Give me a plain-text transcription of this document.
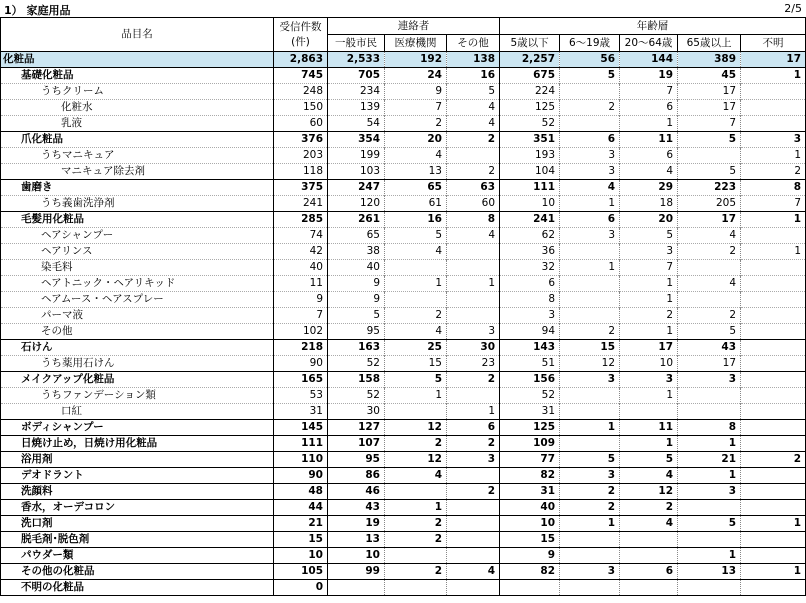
1） 家庭用品	2/5
品目名	受信件数
(件)	連絡者			年齢層				
		一般市民	医療機関	その他	5歳以下	6～19歳	20～64歳	65歳以上	不明
化粧品	2,863	2,533	192	138	2,257	56	144	389	17
基礎化粧品	745	705	24	16	675	5	19	45	1
うちクリーム	248	234	9	5	224		7	17	
化粧水	150	139	7	4	125	2	6	17	
乳液	60	54	2	4	52		1	7	
爪化粧品	376	354	20	2	351	6	11	5	3
うちマニキュア	203	199	4		193	3	6		1
マニキュア除去剤	118	103	13	2	104	3	4	5	2
歯磨き	375	247	65	63	111	4	29	223	8
うち義歯洗浄剤	241	120	61	60	10	1	18	205	7
毛髪用化粧品	285	261	16	8	241	6	20	17	1
ヘアシャンプー	74	65	5	4	62	3	5	4	
ヘアリンス	42	38	4		36		3	2	1
染毛料	40	40			32	1	7		
ヘアトニック・ヘアリキッド	11	9	1	1	6		1	4	
ヘアムース・ヘアスプレー	9	9			8		1		
パーマ液	7	5	2		3		2	2	
その他	102	95	4	3	94	2	1	5	
石けん	218	163	25	30	143	15	17	43	
うち薬用石けん	90	52	15	23	51	12	10	17	
メイクアップ化粧品	165	158	5	2	156	3	3	3	
うちファンデーション類	53	52	1		52		1		
口紅	31	30		1	31				
ボディシャンプー	145	127	12	6	125	1	11	8	
日焼け止め，日焼け用化粧品	111	107	2	2	109		1	1	
浴用剤	110	95	12	3	77	5	5	21	2
デオドラント	90	86	4		82	3	4	1	
洗顔料	48	46		2	31	2	12	3	
香水，オーデコロン	44	43	1		40	2	2		
洗口剤	21	19	2		10	1	4	5	1
脱毛剤･脱色剤	15	13	2		15				
パウダー類	10	10			9			1	
その他の化粧品	105	99	2	4	82	3	6	13	1
不明の化粧品	0								
